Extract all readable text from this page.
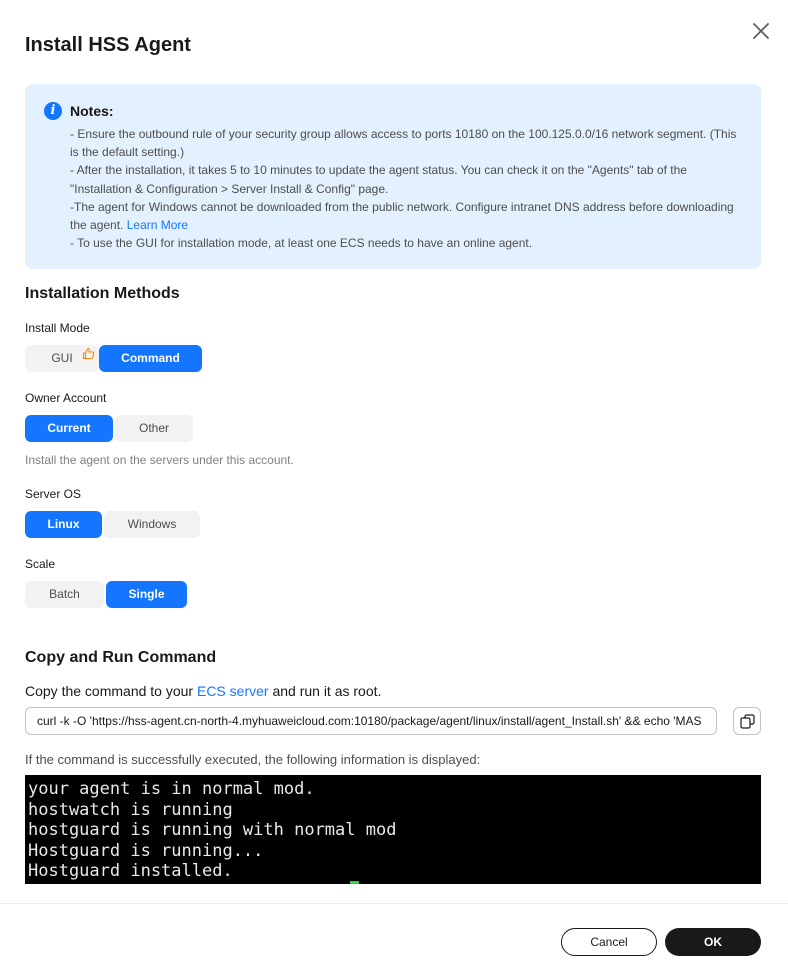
Install HSS Agent
i	Notes:

- Ensure the outbound rule of your security group allows access to ports 10180 on the 100.125.0.0/16 network segment. (This is the default setting.)

- After the installation, it takes 5 to 10 minutes to update the agent status. You can check it on the "Agents" tab of the "Installation & Configuration > Server Install & Config" page.

-The agent for Windows cannot be downloaded from the public network. Configure intranet DNS address before downloading the agent. Learn More

- To use the GUI for installation mode, at least one ECS needs to have an online agent.

Installation Methods
Install Mode
GUI	Command
Owner Account
Current	Other
Install the agent on the servers under this account.
Server OS
Linux	Windows
Scale
Batch	Single
Copy and Run Command
Copy the command to your ECS server and run it as root.
curl -k -O 'https://hss-agent.cn-north-4.myhuaweicloud.com:10180/package/agent/linux/install/agent_Install.sh' && echo 'MAS
If the command is successfully executed, the following information is displayed:
your agent is in normal mod.
hostwatch is running
hostguard is running with normal mod
Hostguard is running...
Hostguard installed.
Cancel	OK
